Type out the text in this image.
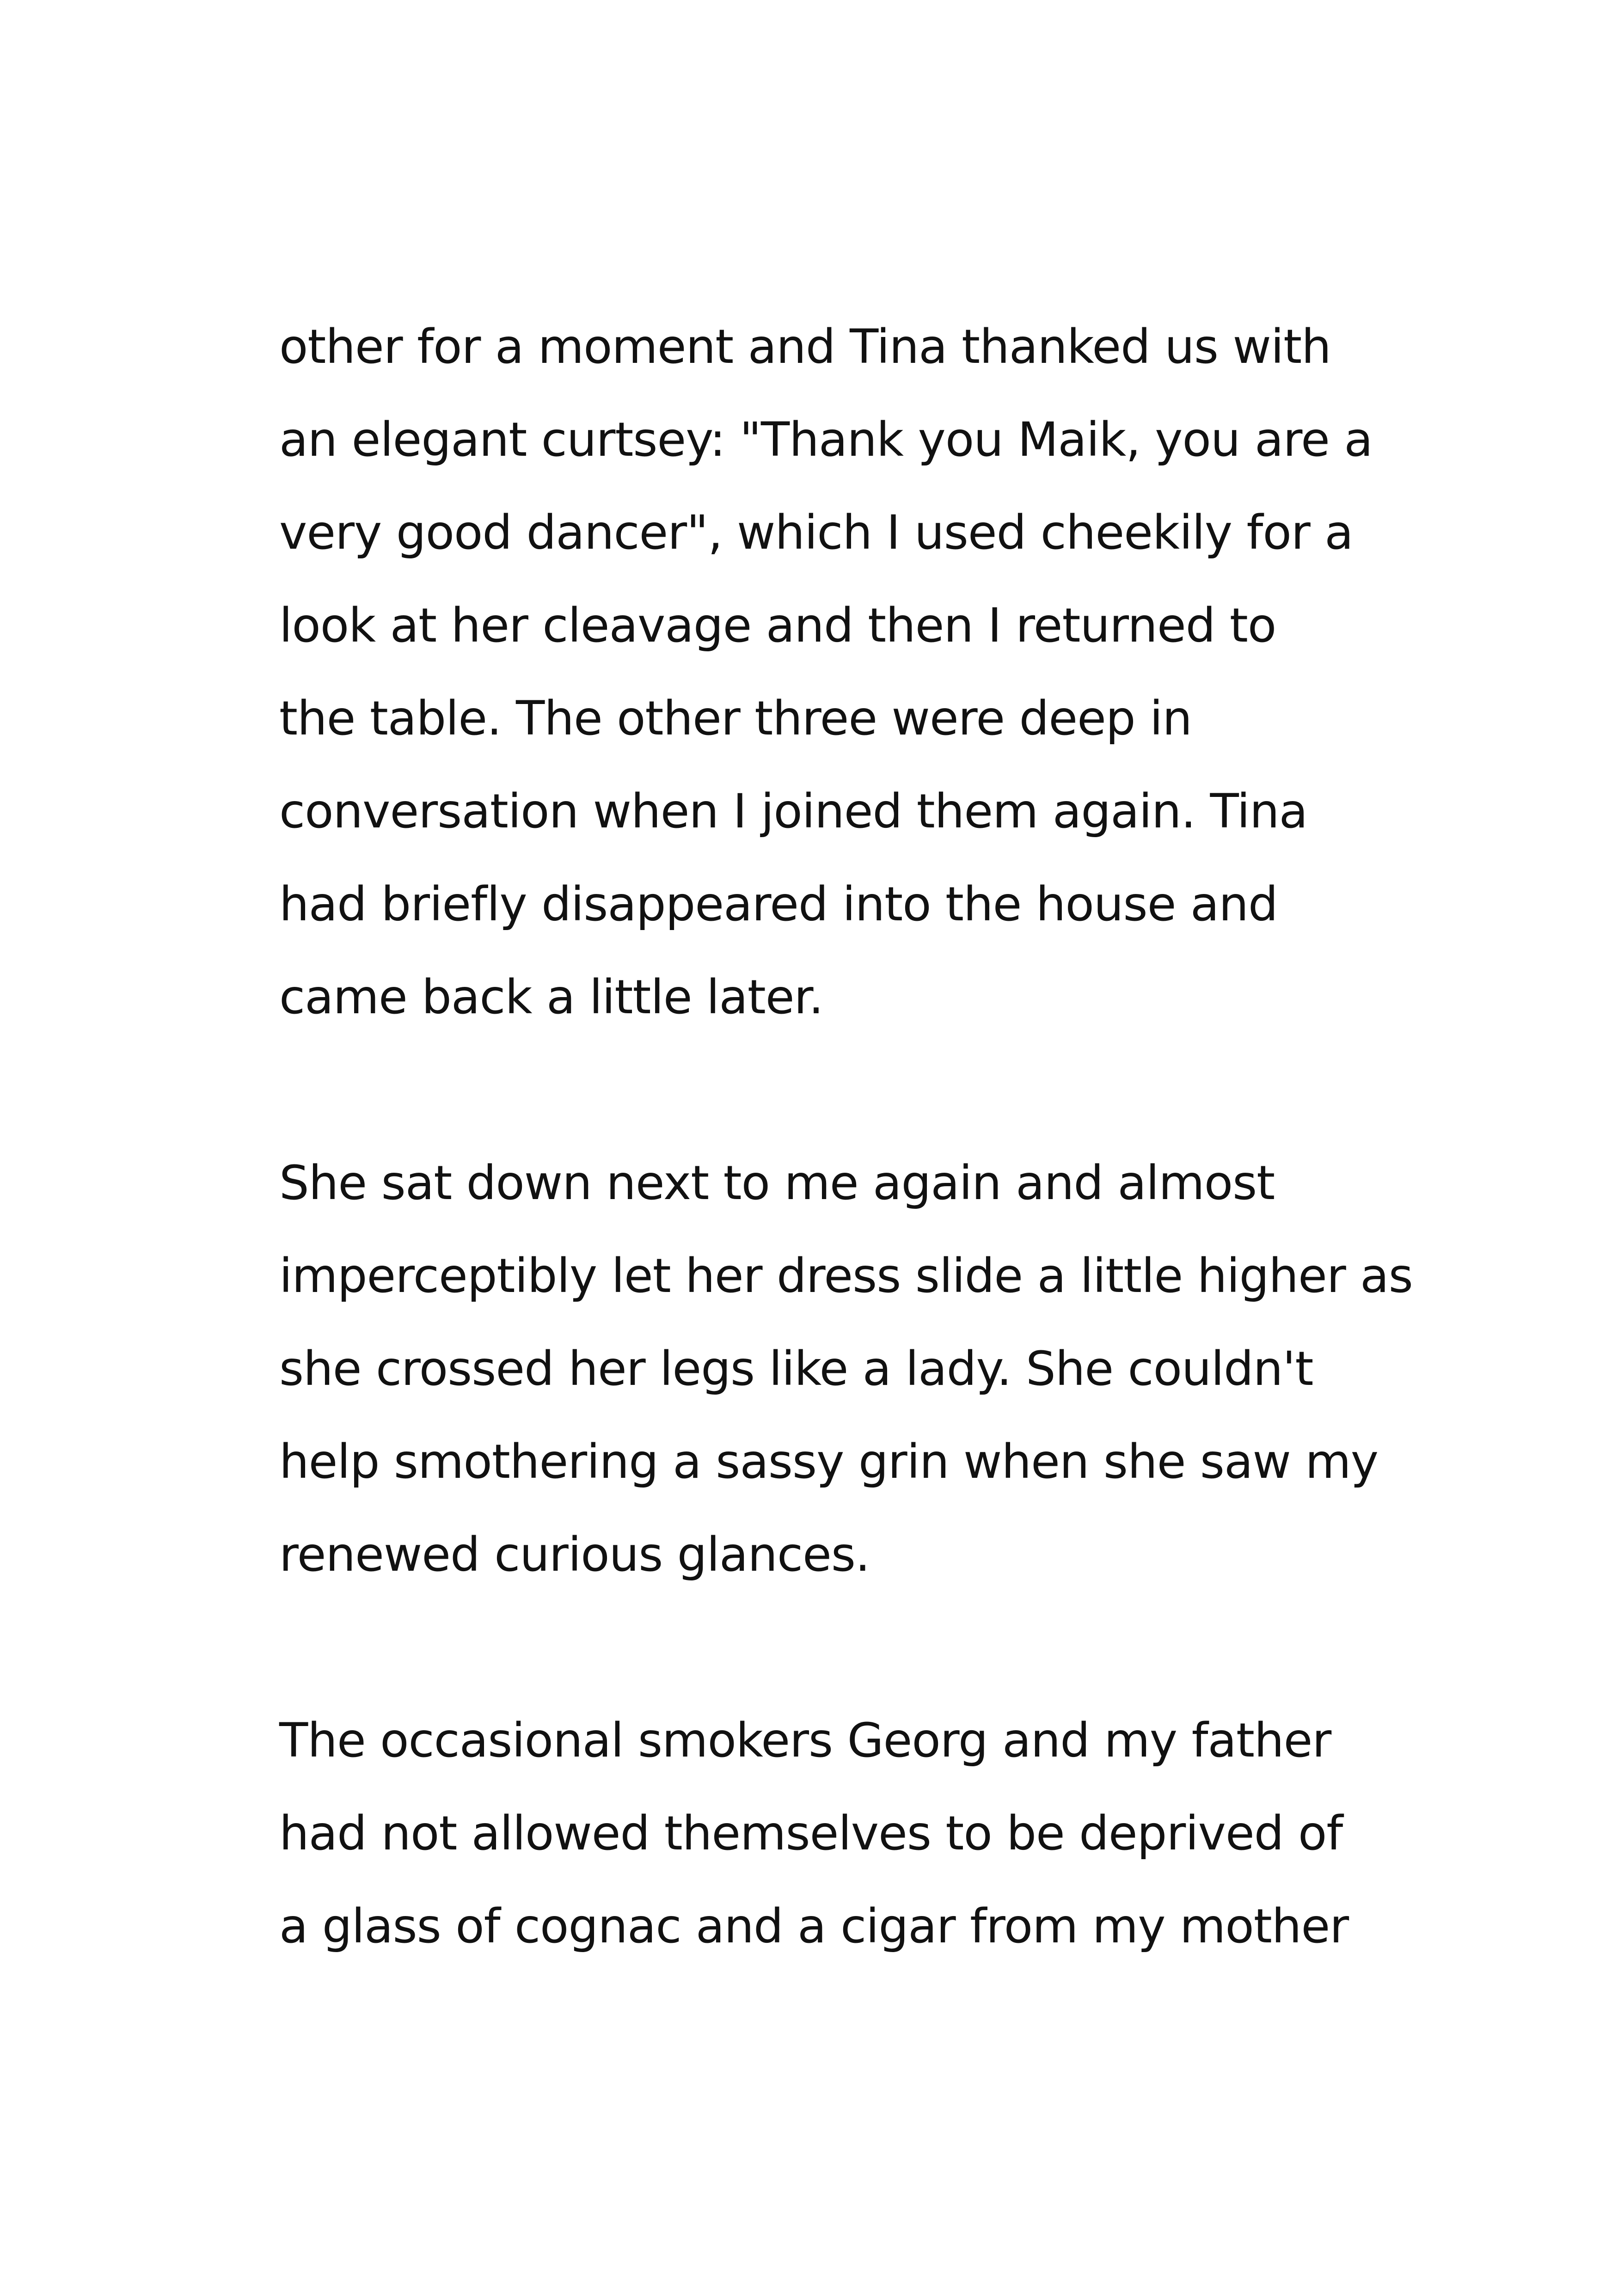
other for a moment and Tina thanked us with
an elegant curtsey: "Thank you Maik, you are a
very good dancer", which I used cheekily for a
look at her cleavage and then I returned to
the table. The other three were deep in
conversation when I joined them again. Tina
had briefly disappeared into the house and
came back a little later.
She sat down next to me again and almost
imperceptibly let her dress slide a little higher as
she crossed her legs like a lady. She couldn't
help smothering a sassy grin when she saw my
renewed curious glances.
The occasional smokers Georg and my father
had not allowed themselves to be deprived of
a glass of cognac and a cigar from my mother
